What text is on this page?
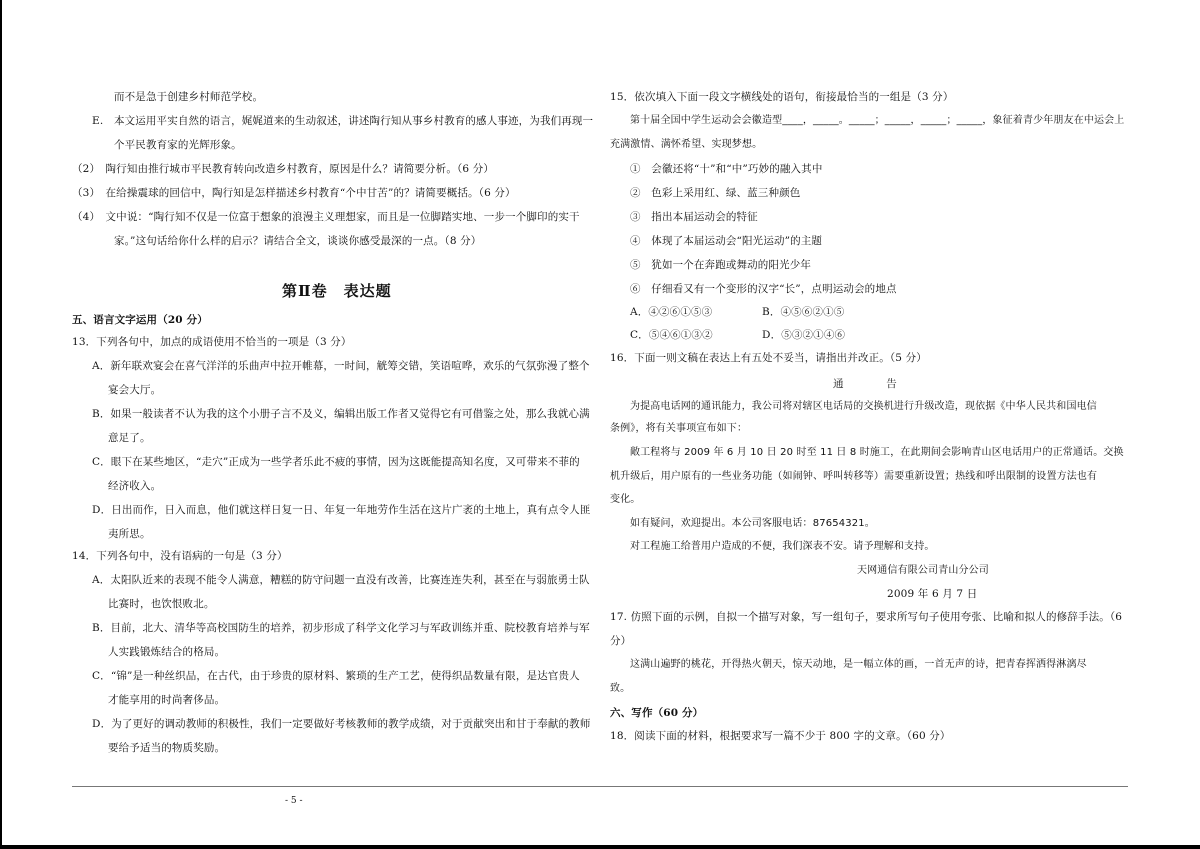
而不是急于创建乡村师范学校。
E.　本文运用平实自然的语言，娓娓道来的生动叙述，讲述陶行知从事乡村教育的感人事迹，为我们再现一
个平民教育家的光辉形象。
（2）　陶行知由推行城市平民教育转向改造乡村教育，原因是什么？请简要分析。（6 分）
（3）　在给操震球的回信中，陶行知是怎样描述乡村教育“个中甘苦”的？请简要概括。（6 分）
（4）　文中说：“陶行知不仅是一位富于想象的浪漫主义理想家，而且是一位脚踏实地、一步一个脚印的实干
家。”这句话给你什么样的启示？请结合全文，谈谈你感受最深的一点。（8 分）
第Ⅱ卷　表达题
五、语言文字运用（20 分）
13．下列各句中，加点的成语使用不恰当的一项是（3 分）
A．新年联欢宴会在喜气洋洋的乐曲声中拉开帷幕，一时间，觥筹交错，笑语喧哗，欢乐的气氛弥漫了整个
宴会大厅。
B．如果一般读者不认为我的这个小册子言不及义，编辑出版工作者又觉得它有可借鉴之处，那么我就心满
意足了。
C．眼下在某些地区，“走穴”正成为一些学者乐此不疲的事情，因为这既能提高知名度，又可带来不菲的
经济收入。
D．日出而作，日入而息，他们就这样日复一日、年复一年地劳作生活在这片广袤的土地上，真有点令人匪
夷所思。
14．下列各句中，没有语病的一句是（3 分）
A．太阳队近来的表现不能令人满意，糟糕的防守问题一直没有改善，比赛连连失利，甚至在与弱旅勇士队
比赛时，也饮恨败北。
B．目前，北大、清华等高校国防生的培养，初步形成了科学文化学习与军政训练并重、院校教育培养与军
人实践锻炼结合的格局。
C．“锦”是一种丝织品，在古代，由于珍贵的原材料、繁琐的生产工艺，使得织品数量有限，是达官贵人
才能享用的时尚奢侈品。
D．为了更好的调动教师的积极性，我们一定要做好考核教师的教学成绩，对于贡献突出和甘于奉献的教师
要给予适当的物质奖励。
15．依次填入下面一段文字横线处的语句，衔接最恰当的一组是（3 分）
第十届全国中学生运动会会徽造型____，_____。_____；_____，_____；_____，象征着青少年朋友在中运会上
充满激情、满怀希望、实现梦想。
①　会徽还将“十”和“中”巧妙的融入其中
②　色彩上采用红、绿、蓝三种颜色
③　指出本届运动会的特征
④　体现了本届运动会“阳光运动”的主题
⑤　犹如一个在奔跑或舞动的阳光少年
⑥　仔细看又有一个变形的汉字“长”，点明运动会的地点
A．④②⑥①⑤③	B．④⑤⑥②①⑤
C．⑤④⑥①③②	D．⑤③②①④⑥
16．下面一则文稿在表达上有五处不妥当，请指出并改正。（5 分）
通　　　　告
为提高电话网的通讯能力，我公司将对辖区电话局的交换机进行升级改造，现依据《中华人民共和国电信
条例》，将有关事项宣布如下：
敞工程将与 2009 年 6 月 10 日 20 时至 11 日 8 时施工，在此期间会影响青山区电话用户的正常通话。交换
机升级后，用户原有的一些业务功能（如闹钟、呼叫转移等）需要重新设置；热线和呼出限制的设置方法也有
变化。
如有疑问，欢迎提出。本公司客服电话：87654321。
对工程施工给普用户造成的不便，我们深表不安。请予理解和支持。
天网通信有限公司青山分公司
2009 年 6 月 7 日
17. 仿照下面的示例，自拟一个描写对象，写一组句子，要求所写句子使用夸张、比喻和拟人的修辞手法。（6
分）
这满山遍野的桃花，开得热火朝天，惊天动地，是一幅立体的画，一首无声的诗，把青春挥洒得淋漓尽
致。
六、写作（60 分）
18．阅读下面的材料，根据要求写一篇不少于 800 字的文章。（60 分）
- 5 -
